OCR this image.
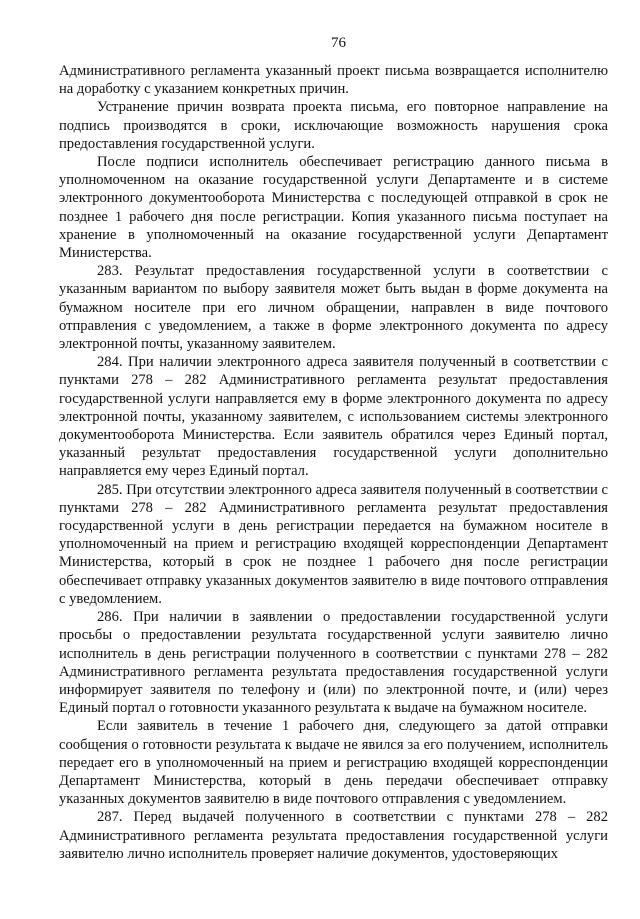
76

Административного регламента указанный проект письма возвращается исполнителю на доработку с указанием конкретных причин.

Устранение причин возврата проекта письма, его повторное направление на подпись производятся в сроки, исключающие возможность нарушения срока предоставления государственной услуги.

После подписи исполнитель обеспечивает регистрацию данного письма в уполномоченном на оказание государственной услуги Департаменте и в системе электронного документооборота Министерства с последующей отправкой в срок не позднее 1 рабочего дня после регистрации. Копия указанного письма поступает на хранение в уполномоченный на оказание государственной услуги Департамент Министерства.

283. Результат предоставления государственной услуги в соответствии с указанным вариантом по выбору заявителя может быть выдан в форме документа на бумажном носителе при его личном обращении, направлен в виде почтового отправления с уведомлением, а также в форме электронного документа по адресу электронной почты, указанному заявителем.

284. При наличии электронного адреса заявителя полученный в соответствии с пунктами 278 – 282 Административного регламента результат предоставления государственной услуги направляется ему в форме электронного документа по адресу электронной почты, указанному заявителем, с использованием системы электронного документооборота Министерства. Если заявитель обратился через Единый портал, указанный результат предоставления государственной услуги дополнительно направляется ему через Единый портал.

285. При отсутствии электронного адреса заявителя полученный в соответствии с пунктами 278 – 282 Административного регламента результат предоставления государственной услуги в день регистрации передается на бумажном носителе в уполномоченный на прием и регистрацию входящей корреспонденции Департамент Министерства, который в срок не позднее 1 рабочего дня после регистрации обеспечивает отправку указанных документов заявителю в виде почтового отправления с уведомлением.

286. При наличии в заявлении о предоставлении государственной услуги просьбы о предоставлении результата государственной услуги заявителю лично исполнитель в день регистрации полученного в соответствии с пунктами 278 – 282 Административного регламента результата предоставления государственной услуги информирует заявителя по телефону и (или) по электронной почте, и (или) через Единый портал о готовности указанного результата к выдаче на бумажном носителе.

Если заявитель в течение 1 рабочего дня, следующего за датой отправки сообщения о готовности результата к выдаче не явился за его получением, исполнитель передает его в уполномоченный на прием и регистрацию входящей корреспонденции Департамент Министерства, который в день передачи обеспечивает отправку указанных документов заявителю в виде почтового отправления с уведомлением.

287. Перед выдачей полученного в соответствии с пунктами 278 – 282 Административного регламента результата предоставления государственной услуги заявителю лично исполнитель проверяет наличие документов, удостоверяющих
